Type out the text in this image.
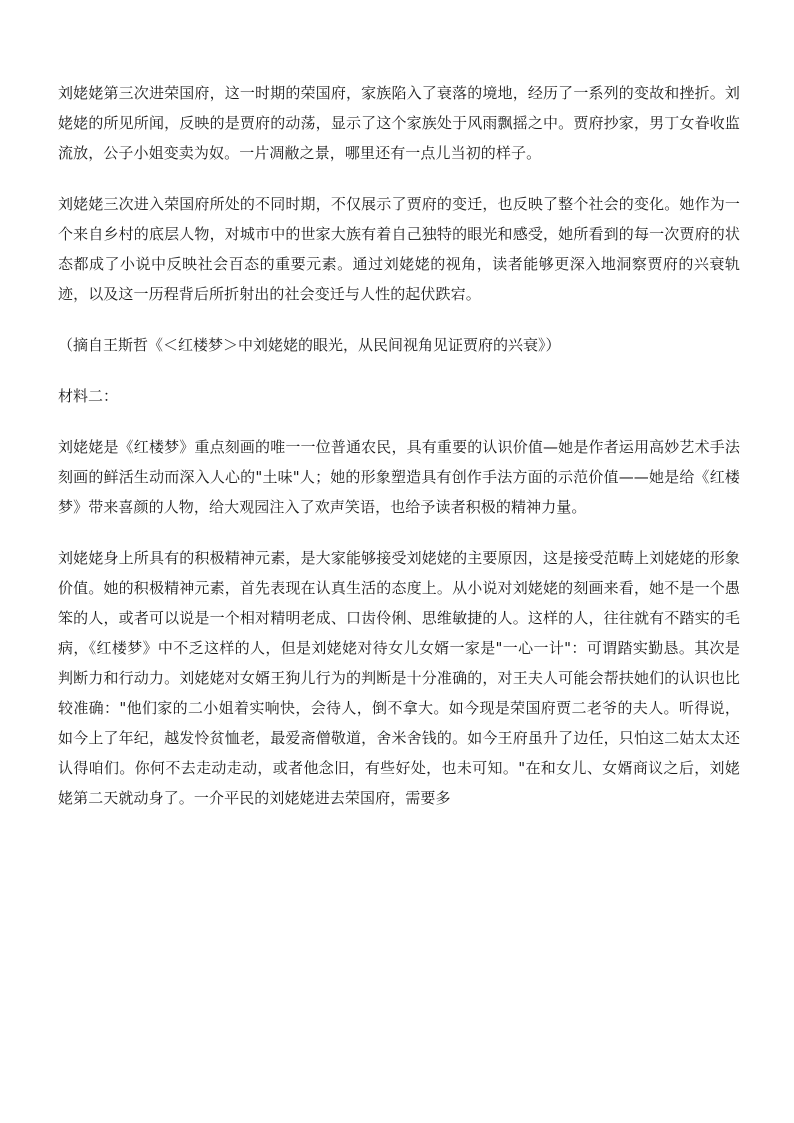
刘姥姥第三次进荣国府，这一时期的荣国府，家族陷入了衰落的境地，经历了一系列的变故和挫折。刘姥姥的所见所闻，反映的是贾府的动荡，显示了这个家族处于风雨飘摇之中。贾府抄家，男丁女眷收监流放，公子小姐变卖为奴。一片凋敝之景，哪里还有一点儿当初的样子。

刘姥姥三次进入荣国府所处的不同时期，不仅展示了贾府的变迁，也反映了整个社会的变化。她作为一个来自乡村的底层人物，对城市中的世家大族有着自己独特的眼光和感受，她所看到的每一次贾府的状态都成了小说中反映社会百态的重要元素。通过刘姥姥的视角，读者能够更深入地洞察贾府的兴衰轨迹，以及这一历程背后所折射出的社会变迁与人性的起伏跌宕。

（摘自王斯哲《＜红楼梦＞中刘姥姥的眼光，从民间视角见证贾府的兴衰》）

材料二：

刘姥姥是《红楼梦》重点刻画的唯一一位普通农民，具有重要的认识价值—她是作者运用高妙艺术手法刻画的鲜活生动而深入人心的"土味"人；她的形象塑造具有创作手法方面的示范价值——她是给《红楼梦》带来喜颜的人物，给大观园注入了欢声笑语，也给予读者积极的精神力量。

刘姥姥身上所具有的积极精神元素，是大家能够接受刘姥姥的主要原因，这是接受范畴上刘姥姥的形象价值。她的积极精神元素，首先表现在认真生活的态度上。从小说对刘姥姥的刻画来看，她不是一个愚笨的人，或者可以说是一个相对精明老成、口齿伶俐、思维敏捷的人。这样的人，往往就有不踏实的毛病，《红楼梦》中不乏这样的人，但是刘姥姥对待女儿女婿一家是"一心一计"：可谓踏实勤恳。其次是判断力和行动力。刘姥姥对女婿王狗儿行为的判断是十分准确的，对王夫人可能会帮扶她们的认识也比较准确："他们家的二小姐着实响快，会待人，倒不拿大。如今现是荣国府贾二老爷的夫人。听得说，如今上了年纪，越发怜贫恤老，最爱斋僧敬道，舍米舍钱的。如今王府虽升了边任，只怕这二姑太太还认得咱们。你何不去走动走动，或者他念旧，有些好处，也未可知。"在和女儿、女婿商议之后，刘姥姥第二天就动身了。一介平民的刘姥姥进去荣国府，需要多
